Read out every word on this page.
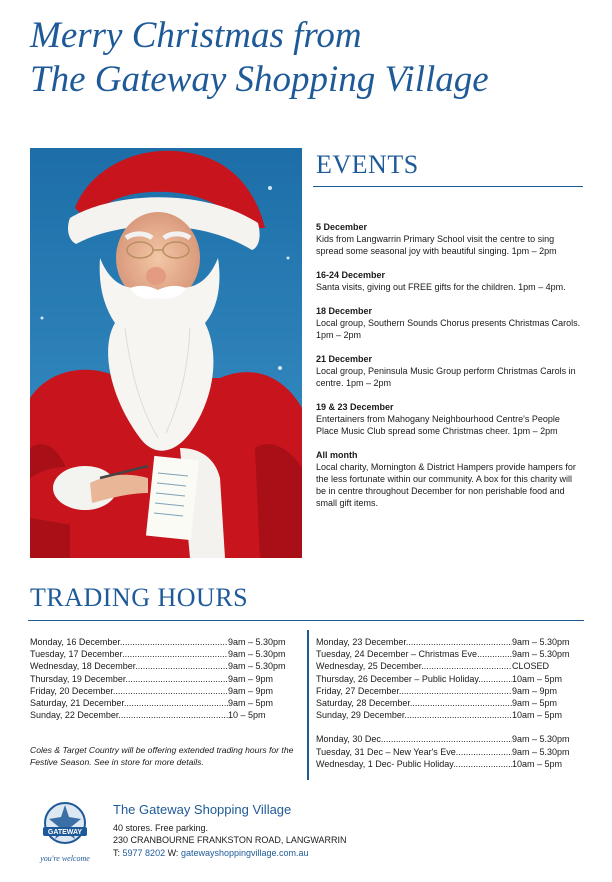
Merry Christmas from
The Gateway Shopping Village
EVENTS
5 December
Kids from Langwarrin Primary School visit the centre to sing spread some seasonal joy with beautiful singing. 1pm – 2pm
16-24 December
Santa visits, giving out FREE gifts for the children. 1pm – 4pm.
18 December
Local group, Southern Sounds Chorus presents Christmas Carols. 1pm – 2pm
21 December
Local group, Peninsula Music Group perform Christmas Carols in centre. 1pm – 2pm
19 & 23 December
Entertainers from Mahogany Neighbourhood Centre's People Place Music Club spread some Christmas cheer. 1pm – 2pm
All month
Local charity, Mornington & District Hampers provide hampers for the less fortunate within our community. A box for this charity will be in centre throughout December for non perishable food and small gift items.
TRADING HOURS
Monday, 16 December .....	9am – 5.30pm
Tuesday, 17 December .....	9am – 5.30pm
Wednesday, 18 December .....	9am – 5.30pm
Thursday, 19 December .....	9am – 9pm
Friday, 20 December .....	9am – 9pm
Saturday, 21 December .....	9am – 5pm
Sunday, 22 December .....	10 – 5pm
Monday, 23 December .....	9am – 5.30pm
Tuesday, 24 December – Christmas Eve .....	9am – 5.30pm
Wednesday, 25 December .....	CLOSED
Thursday, 26 December – Public Holiday .....	10am – 5pm
Friday, 27 December .....	9am – 9pm
Saturday, 28 December .....	9am – 5pm
Sunday, 29 December .....	10am – 5pm
Monday, 30 Dec .....	9am – 5.30pm
Tuesday, 31 Dec – New Year's Eve .....	9am – 5.30pm
Wednesday, 1 Dec- Public Holiday .....	10am – 5pm
Coles & Target Country will be offering extended trading hours for the Festive Season. See in store for more details.
GATEWAY
you're welcome
The Gateway Shopping Village
40 stores. Free parking.
230 CRANBOURNE FRANKSTON ROAD, LANGWARRIN
T: 5977 8202 W: gatewayshoppingvillage.com.au
